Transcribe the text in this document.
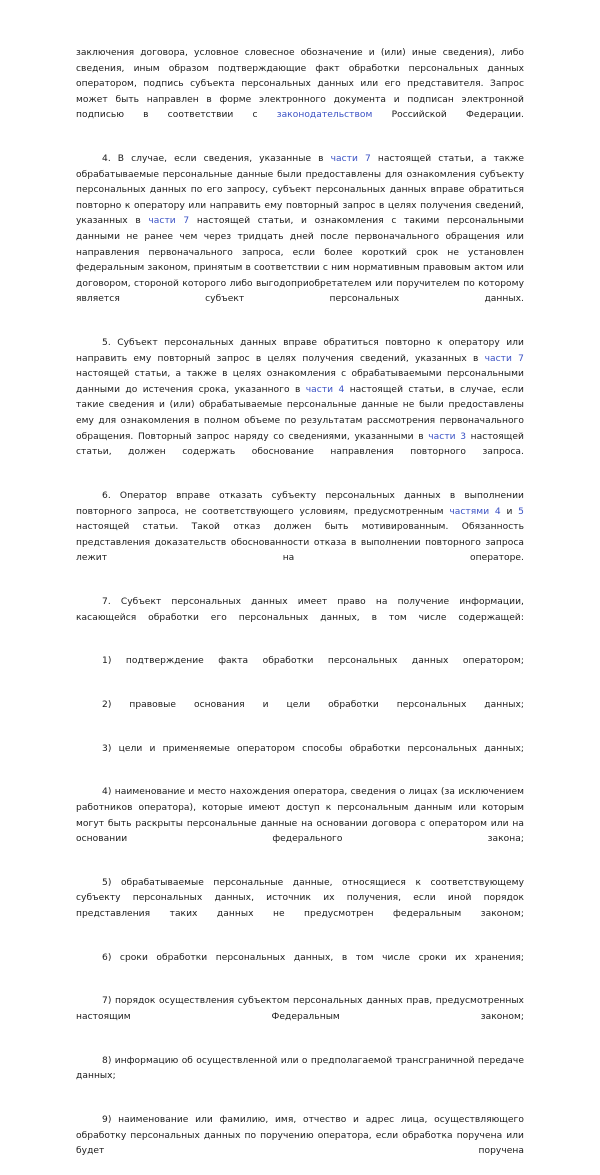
заключения договора, условное словесное обозначение и (или) иные сведения), либо сведения, иным образом подтверждающие факт обработки персональных данных оператором, подпись субъекта персональных данных или его представителя. Запрос может быть направлен в форме электронного документа и подписан электронной подписью в соответствии с законодательством Российской Федерации.

4. В случае, если сведения, указанные в части 7 настоящей статьи, а также обрабатываемые персональные данные были предоставлены для ознакомления субъекту персональных данных по его запросу, субъект персональных данных вправе обратиться повторно к оператору или направить ему повторный запрос в целях получения сведений, указанных в части 7 настоящей статьи, и ознакомления с такими персональными данными не ранее чем через тридцать дней после первоначального обращения или направления первоначального запроса, если более короткий срок не установлен федеральным законом, принятым в соответствии с ним нормативным правовым актом или договором, стороной которого либо выгодоприобретателем или поручителем по которому является субъект персональных данных.

5. Субъект персональных данных вправе обратиться повторно к оператору или направить ему повторный запрос в целях получения сведений, указанных в части 7 настоящей статьи, а также в целях ознакомления с обрабатываемыми персональными данными до истечения срока, указанного в части 4 настоящей статьи, в случае, если такие сведения и (или) обрабатываемые персональные данные не были предоставлены ему для ознакомления в полном объеме по результатам рассмотрения первоначального обращения. Повторный запрос наряду со сведениями, указанными в части 3 настоящей статьи, должен содержать обоснование направления повторного запроса.

6. Оператор вправе отказать субъекту персональных данных в выполнении повторного запроса, не соответствующего условиям, предусмотренным частями 4 и 5 настоящей статьи. Такой отказ должен быть мотивированным. Обязанность представления доказательств обоснованности отказа в выполнении повторного запроса лежит на операторе.

7. Субъект персональных данных имеет право на получение информации, касающейся обработки его персональных данных, в том числе содержащей:

1) подтверждение факта обработки персональных данных оператором;

2) правовые основания и цели обработки персональных данных;

3) цели и применяемые оператором способы обработки персональных данных;

4) наименование и место нахождения оператора, сведения о лицах (за исключением работников оператора), которые имеют доступ к персональным данным или которым могут быть раскрыты персональные данные на основании договора с оператором или на основании федерального закона;

5) обрабатываемые персональные данные, относящиеся к соответствующему субъекту персональных данных, источник их получения, если иной порядок представления таких данных не предусмотрен федеральным законом;

6) сроки обработки персональных данных, в том числе сроки их хранения;

7) порядок осуществления субъектом персональных данных прав, предусмотренных настоящим Федеральным законом;

8) информацию об осуществленной или о предполагаемой трансграничной передаче данных;

9) наименование или фамилию, имя, отчество и адрес лица, осуществляющего обработку персональных данных по поручению оператора, если обработка поручена или будет поручена
